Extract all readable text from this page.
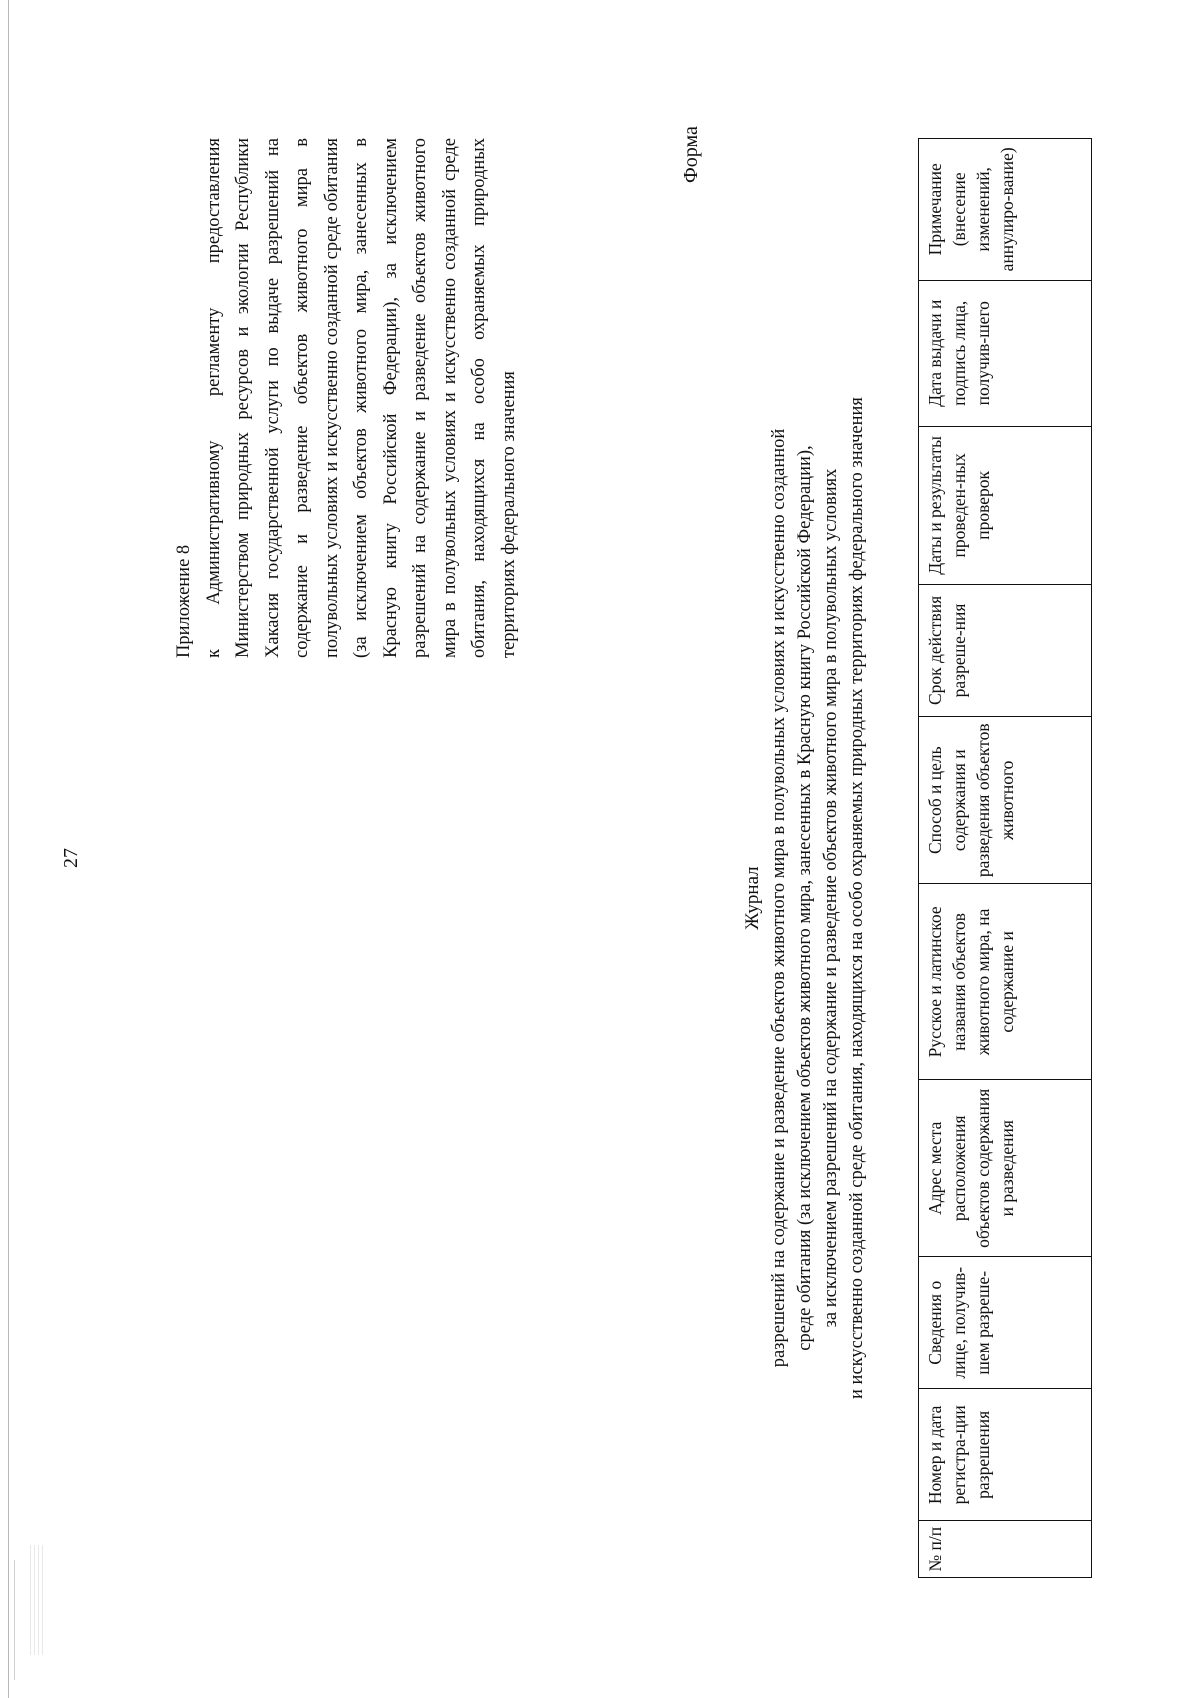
27
Приложение 8 к Административному регламенту предоставления Министерством природных ресурсов и экологии Республики Хакасия государственной услуги по выдаче разрешений на содержание и разведение объектов животного мира в полувольных условиях и искусственно созданной среде обитания (за исключением объектов животного мира, занесенных в Красную книгу Российской Федерации), за исключением разрешений на содержание и разведение объектов животного мира в полувольных условиях и искусственно созданной среде обитания, находящихся на особо охраняемых природных территориях федерального значения
Форма
Журнал разрешений на содержание и разведение объектов животного мира в полувольных условиях и искусственно созданной среде обитания (за исключением объектов животного мира, занесенных в Красную книгу Российской Федерации), за исключением разрешений на содержание и разведение объектов животного мира в полувольных условиях и искусственно созданной среде обитания, находящихся на особо охраняемых природных территориях федерального значения
№ п/п	Номер и дата регистра-ции разрешения	Сведения о лице, получив-шем разреше-	Адрес места расположения объектов содержания и разведения	Русское и латинское названия объектов животного мира, на содержание и	Способ и цель содержания и разведения объектов животного	Срок действия разреше-ния	Даты и результаты проведен-ных проверок	Дата выдачи и подпись лица, получив-шего	Примечание (внесение изменений, аннулиро-вание)
